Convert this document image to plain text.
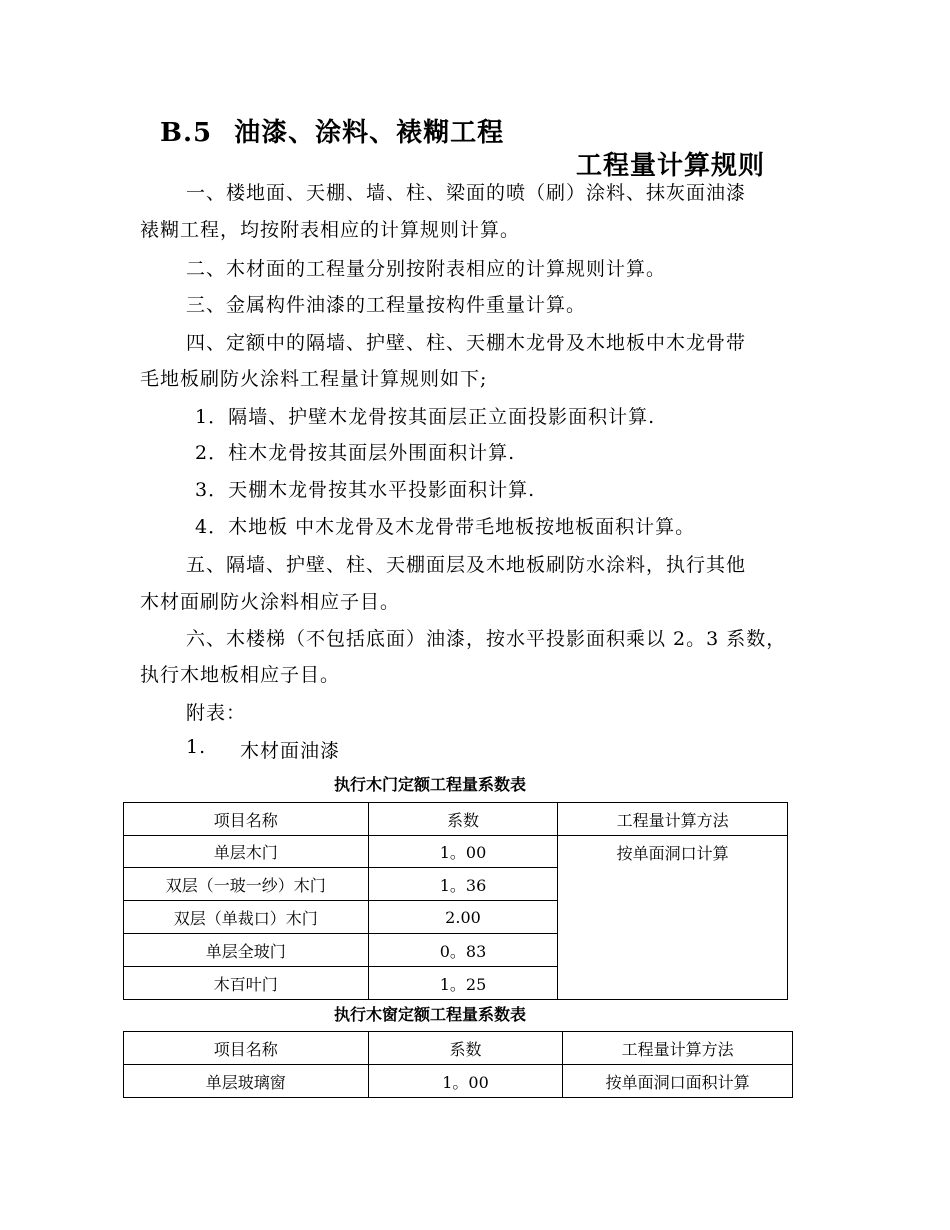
B.5 油漆、涂料、裱糊工程
工程量计算规则
一、楼地面、天棚、墙、柱、梁面的喷（刷）涂料、抹灰面油漆
裱糊工程，均按附表相应的计算规则计算。
二、木材面的工程量分别按附表相应的计算规则计算。
三、金属构件油漆的工程量按构件重量计算。
四、定额中的隔墙、护壁、柱、天棚木龙骨及木地板中木龙骨带
毛地板刷防火涂料工程量计算规则如下;
1．隔墙、护壁木龙骨按其面层正立面投影面积计算.
2．柱木龙骨按其面层外围面积计算.
3．天棚木龙骨按其水平投影面积计算.
4．木地板 中木龙骨及木龙骨带毛地板按地板面积计算。
五、隔墙、护壁、柱、天棚面层及木地板刷防水涂料，执行其他
木材面刷防火涂料相应子目。
六、木楼梯（不包括底面）油漆，按水平投影面积乘以 2。3 系数，
执行木地板相应子目。
附表：
1. 木材面油漆
执行木门定额工程量系数表
项目名称	系数	工程量计算方法
单层木门	1。00	按单面洞口计算
双层（一玻一纱）木门	1。36	
双层（单裁口）木门	2.00	
单层全玻门	0。83	
木百叶门	1。25	
执行木窗定额工程量系数表
项目名称	系数	工程量计算方法
单层玻璃窗	1。00	按单面洞口面积计算
